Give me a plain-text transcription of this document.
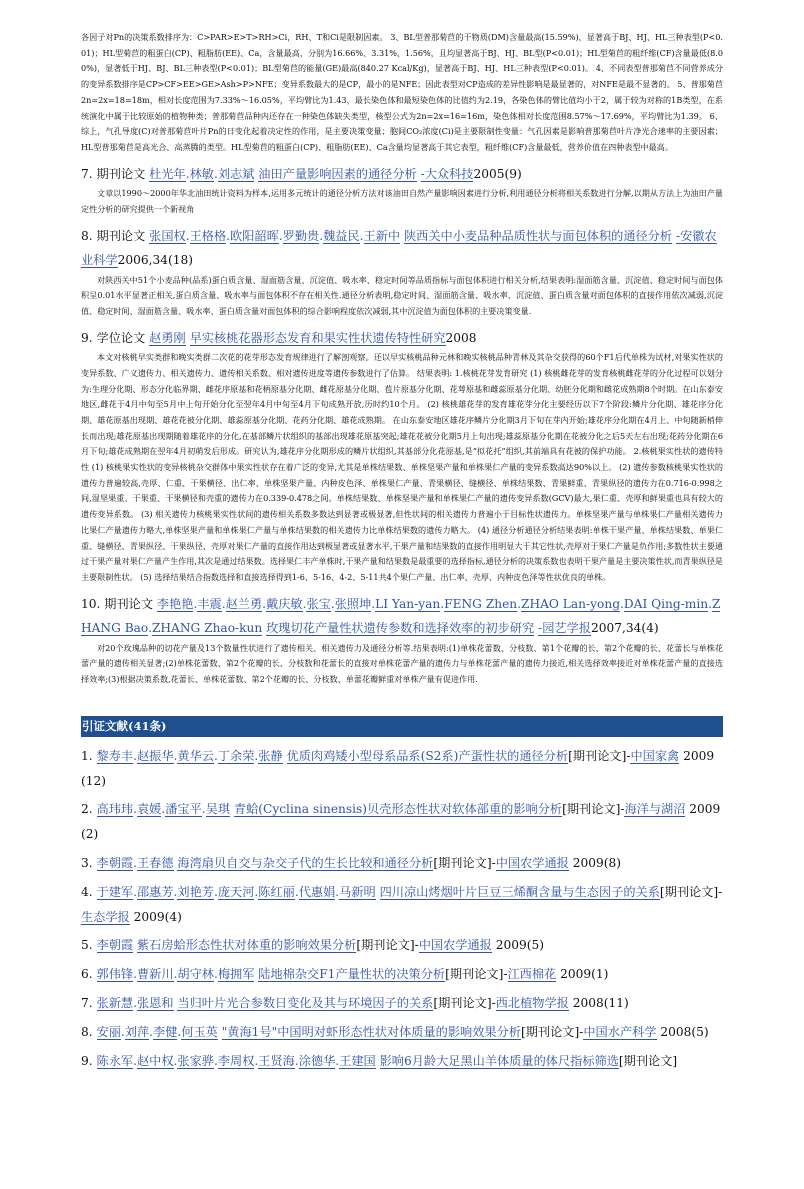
各因子对Pn的决策系数排序为：C>PAR>E>T>RH>Ci，RH、T和Ci是限制因素。 3、BL型普那菊苣的干物质(DM)含量最高(15.59%)，显著高于BJ、HJ、HL三种表型(P<0.01)；HL型菊苣的粗蛋白(CP)、粗脂肪(EE)、Ca，含量最高，分别为16.66%、3.31%、1.56%，且均显著高于BJ、HJ、BL型(P<0.01)；HL型菊苣的粗纤维(CF)含量最低(8.00%)，显著低于HJ、BJ、BL三种表型(P<0.01)；BL型菊苣的能量(GE)最高(840.27 Kcal/Kg)，显著高于BJ、HJ、HL三种表型(P<0.01)。 4、不同表型普那菊苣不同营养成分的变异系数排序是CP>CF>EE>GE>Ash>P>NFE；变异系数最大的是CP，最小的是NFE；因此表型对CP造成的差异性影响是最显著的，对NFE是最不显著的。 5、普那菊苣2n=2x=18=18m，相对长度范围为7.33%～16.05%，平均臂比为1.43，最长染色体和最短染色体的比值约为2.19，各染色体的臂比值均小于2，属于较为对称的1B类型，在系统演化中属于比较原始的植物种类；普那菊苣品种内还存在一种染色体缺失类型，核型公式为2n=2x=16=16m，染色体相对长度范围8.57%～17.69%，平均臂比为1.39。 6、综上，气孔导度(C)对普那菊苣叶片Pn的日变化起着决定性的作用，是主要决策变量；胞间CO₂浓度(Ci)是主要限制性变量：气孔因素是影响普那菊苣叶片净光合速率的主要因素；HL型普那菊苣是高光合、高蒸腾的类型。HL型菊苣的粗蛋白(CP)、粗脂肪(EE)、Ca含量均显著高于其它表型，粗纤维(CF)含量最低，营养价值在四种表型中最高。
7. 期刊论文 杜光年.林敏.刘志斌 油田产量影响因素的通径分析 -大众科技2005(9)
文章以1990～2000年华北油田统计资料为样本,运用多元统计的通径分析方法对该油田自然产量影响因素进行分析,利用通径分析将相关系数进行分解,以期从方法上为油田产量定性分析的研究提供一个新视角
8. 期刊论文 张国权.王格格.欧阳韶晖.罗勤贵.魏益民.王新中 陕西关中小麦品种品质性状与面包体积的通径分析 -安徽农业科学2006,34(18)
对陕西关中51个小麦品种(品系)蛋白质含量、湿面筋含量、沉淀值、吸水率、稳定时间等品质指标与面包体积进行相关分析,结果表明:湿面筋含量、沉淀值、稳定时间与面包体积呈0.01水平显著正相关,蛋白质含量、吸水率与面包体积不存在相关性.通径分析表明,稳定时间、湿面筋含量、吸水率、沉淀值、蛋白质含量对面包体积的直接作用依次减弱,沉淀值、稳定时间、湿面筋含量、吸水率、蛋白质含量对面包体积的综合影响程度依次减弱,其中沉淀值为面包体积的主要决策变量.
9. 学位论文 赵勇刚 早实核桃花器形态发育和果实性状遗传特性研究2008
本文对核桃早实类群和晚实类群二次花的花芽形态发育规律进行了解剖观察。还以早实核桃品种元林和晚实核桃品种青林及其杂交获得的60个F1后代单株为试材,对果实性状的变异系数、广义遗传力、相关遗传力、遗传相关系数、相对遗传进度等遗传参数进行了估算。 结果表明: 1.核桃花芽发育研究 (1) 核桃雌花芽的发育核桃雌花芽的分化过程可以划分为:生理分化期、形态分化临界期、雌花序原基和花柄原基分化期、雌花原基分化期、苞片原基分化期、花萼原基和雌蕊原基分化期、幼胚分化期和雌花成熟期8个时期。在山东泰安地区,雌花于4月中旬至5月中上旬开始分化至翌年4月中旬至4月下旬成熟开放,历时约10个月。 (2) 核桃雄花芽的发育雄花芽分化主要经历以下7个阶段:鳞片分化期、雄花序分化期、雄花原基出现期、雄花花被分化期、雄蕊原基分化期、花药分化期、雄花成熟期。 在山东泰安地区雄花序鳞片分化期3月下旬在芽内开始;雄花序分化期在4月上、中旬随新梢伸长而出现;雄花原基出现期随着雄花序的分化,在基部鳞片状组织的基部出现雄花原基突起;雄花花被分化期5月上旬出现;雄蕊原基分化期在花被分化之后5天左右出现;花药分化期在6月下旬;雄花成熟期在翌年4月初萌发后形成。研究认为,雄花序分化期形成的鳞片状组织,其基部分化花原基,是“拟花托”组织,其前端具有花被的保护功能。 2.核桃果实性状的遗传特性 (1) 核桃果实性状的变异核桃杂交群体中果实性状存在着广泛的变异,尤其是单株结果数、单株坚果产量和单株果仁产量的变异系数高达90%以上。 (2) 遗传参数核桃果实性状的遗传力普遍较高,壳厚、仁重、干果横径、出仁率、单株坚果产量、内种皮色泽、单株果仁产量、青果横径、缝横径、单株结果数、青果鲜重、青果纵径的遗传力在0.716-0.998之间,湿坚果重、干果重、干果横径和壳重的遗传力在0.339-0.478之间。单株结果数、单株坚果产量和单株果仁产量的遗传变异系数(GCV)最大,果仁重、壳厚和鲜果重也具有较大的遗传变异系数。 (3) 相关遗传力核桃果实性状间的遗传相关系数多数达到显著或极显著,但性状间的相关遗传力普遍小于目标性状遗传力。单株坚果产量与单株果仁产量相关遗传力比果仁产量遗传力略大,单株坚果产量和单株果仁产量与单株结果数的相关遗传力比单株结果数的遗传力略大。 (4) 通径分析通径分析结果表明:单株干果产量、单株结果数、单果仁重、缝横径、青果纵径、干果纵径、壳厚对果仁产量的直接作用达到极显著或显著水平,干果产量和结果数的直接作用明显大于其它性状,壳厚对于果仁产量是负作用;多数性状主要通过干果产量对果仁产量产生作用,其次是通过结果数。选择果仁丰产单株时,干果产量和结果数是最重要的选择指标,通径分析的决策系数也表明干果产量是主要决策性状,而青果纵径是主要限制性状。 (5) 选择结果结合指数选择和直接选择得到1-6、5-16、4-2、5-11共4个果仁产量、出仁率、壳厚、内种皮色泽等性状优良的单株。
10. 期刊论文 李艳艳.丰震.赵兰勇.戴庆敏.张宝.张照坤.LI Yan-yan.FENG Zhen.ZHAO Lan-yong.DAI Qing-min.ZHANG Bao.ZHANG Zhao-kun 玫瑰切花产量性状遗传参数和选择效率的初步研究 -园艺学报2007,34(4)
对20个玫瑰品种的切花产量及13个数量性状进行了遗传相关、相关遗传力及通径分析等.结果表明:(1)单株花蕾数、分枝数、第1个花瓣的长、第2个花瓣的长、花蕾长与单株花蕾产量的遗传相关显著;(2)单株花蕾数、第2个花瓣的长、分枝数和花蕾长的直接对单株花蕾产量的遗传力与单株花蕾产量的遗传力接近,相关选择效率接近对单株花蕾产量的直接选择效率;(3)根据决策系数,花蕾长、单株花蕾数、第2个花瓣的长、分枝数、单蕾花瓣鲜重对单株产量有促进作用.
引证文献(41条)
1. 黎寿丰.赵振华.黄华云.丁余荣.张静 优质肉鸡矮小型母系品系(S2系)产蛋性状的通径分析[期刊论文]-中国家禽 2009(12)
2. 高玮玮.袁媛.潘宝平.吴琪 青蛤(Cyclina sinensis)贝壳形态性状对软体部重的影响分析[期刊论文]-海洋与湖沼 2009(2)
3. 李朝霞.王春德 海湾扇贝自交与杂交子代的生长比较和通径分析[期刊论文]-中国农学通报 2009(8)
4. 于建军.邵惠芳.刘艳芳.庞天河.陈红丽.代惠娟.马新明 四川凉山烤烟叶片巨豆三烯酮含量与生态因子的关系[期刊论文]-生态学报 2009(4)
5. 李朝霞 紫石房蛤形态性状对体重的影响效果分析[期刊论文]-中国农学通报 2009(5)
6. 郭伟锋.曹新川.胡守林.梅拥军 陆地棉杂交F1产量性状的决策分析[期刊论文]-江西棉花 2009(1)
7. 张新慧.张恩和 当归叶片光合参数日变化及其与环境因子的关系[期刊论文]-西北植物学报 2008(11)
8. 安丽.刘萍.李健.何玉英 "黄海1号"中国明对虾形态性状对体质量的影响效果分析[期刊论文]-中国水产科学 2008(5)
9. 陈永军.赵中权.张家骅.李周权.王贤海.涂德华.王建国 影响6月龄大足黑山羊体质量的体尺指标筛选[期刊论文]
